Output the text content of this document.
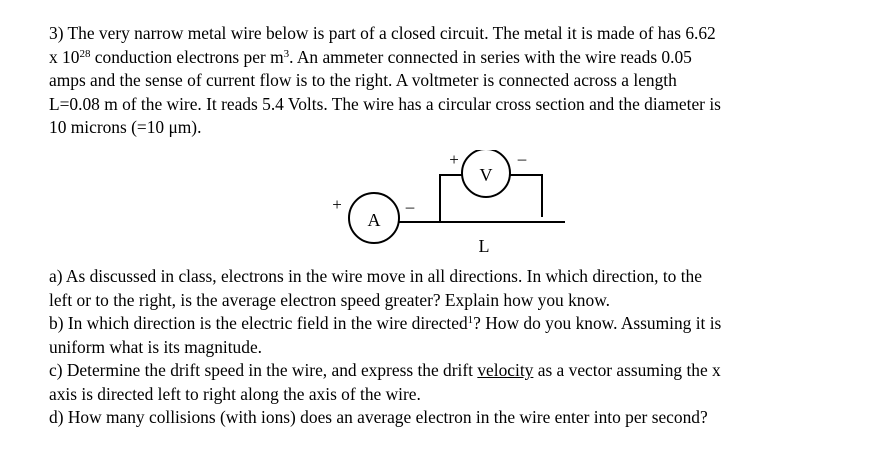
3) The very narrow metal wire below is part of a closed circuit. The metal it is made of has 6.62
x $10^{28}$ conduction electrons per $m^3$. An ammeter connected in series with the wire reads 0.05
amps and the sense of current flow is to the right. A voltmeter is connected across a length
L=0.08 m of the wire. It reads 5.4 Volts. The wire has a circular cross section and the diameter is
10 microns (=10 μm).
A
+	–
V
+	–
L
a) As discussed in class, electrons in the wire move in all directions. In which direction, to the
left or to the right, is the average electron speed greater? Explain how you know.
b) In which direction is the electric field in the wire directed$^1$? How do you know. Assuming it is
uniform what is its magnitude.
c) Determine the drift speed in the wire, and express the drift velocity as a vector assuming the x
axis is directed left to right along the axis of the wire.
d) How many collisions (with ions) does an average electron in the wire enter into per second?
